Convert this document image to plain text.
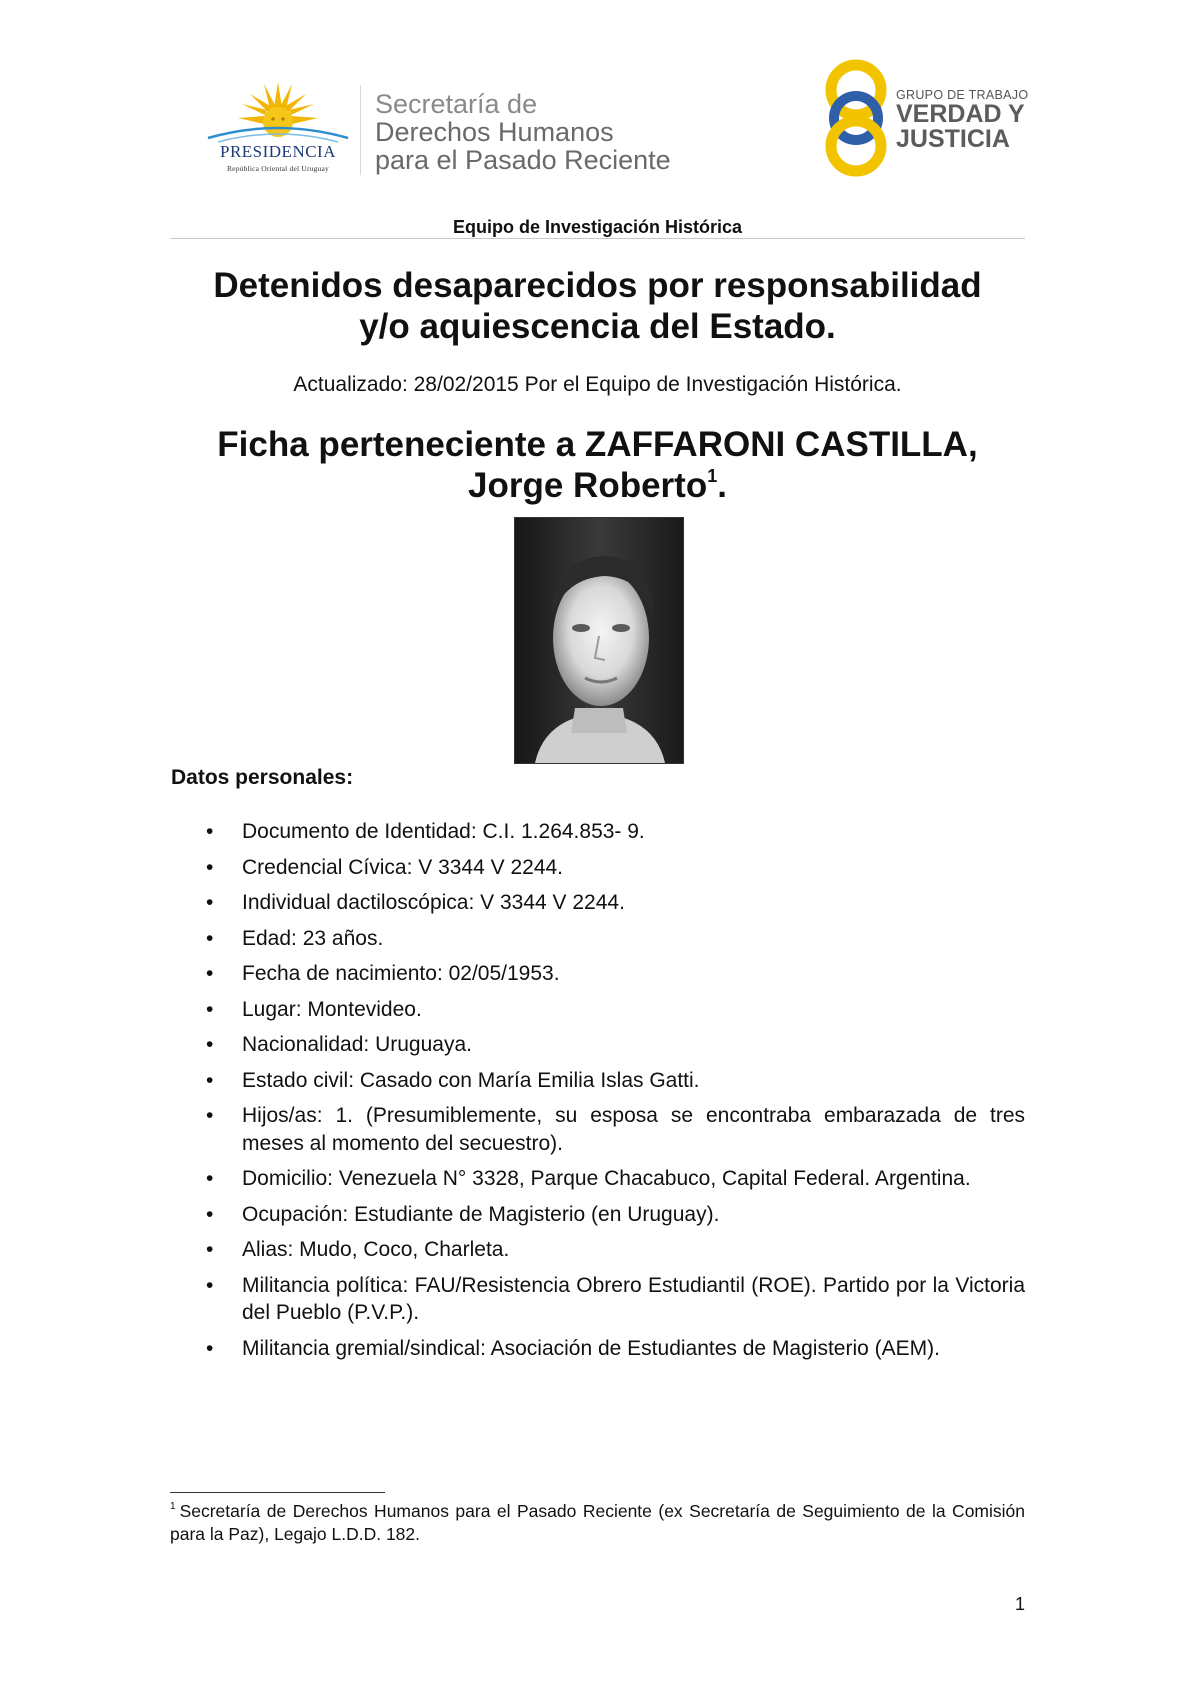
PRESIDENCIA
República Oriental del Uruguay
Secretaría de
Derechos Humanos
para el Pasado Reciente
GRUPO DE TRABAJO
VERDAD Y
JUSTICIA
Equipo de Investigación Histórica
Detenidos desaparecidos por responsabilidad
y/o aquiescencia del Estado.
Actualizado: 28/02/2015 Por el Equipo de Investigación Histórica.
Ficha perteneciente a ZAFFARONI CASTILLA,
Jorge Roberto$^1$.
Datos personales:
• Documento de Identidad: C.I. 1.264.853- 9.
• Credencial Cívica: V 3344 V 2244.
• Individual dactiloscópica: V 3344 V 2244.
• Edad: 23 años.
• Fecha de nacimiento: 02/05/1953.
• Lugar: Montevideo.
• Nacionalidad: Uruguaya.
• Estado civil: Casado con María Emilia Islas Gatti.
• Hijos/as: 1. (Presumiblemente, su esposa se encontraba embarazada de tres meses al momento del secuestro).
• Domicilio: Venezuela N° 3328, Parque Chacabuco, Capital Federal. Argentina.
• Ocupación: Estudiante de Magisterio (en Uruguay).
• Alias: Mudo, Coco, Charleta.
• Militancia política: FAU/Resistencia Obrero Estudiantil (ROE). Partido por la Victoria del Pueblo (P.V.P.).
• Militancia gremial/sindical: Asociación de Estudiantes de Magisterio (AEM).
$^1$ Secretaría de Derechos Humanos para el Pasado Reciente (ex Secretaría de Seguimiento de la Comisión para la Paz), Legajo L.D.D. 182.
1
